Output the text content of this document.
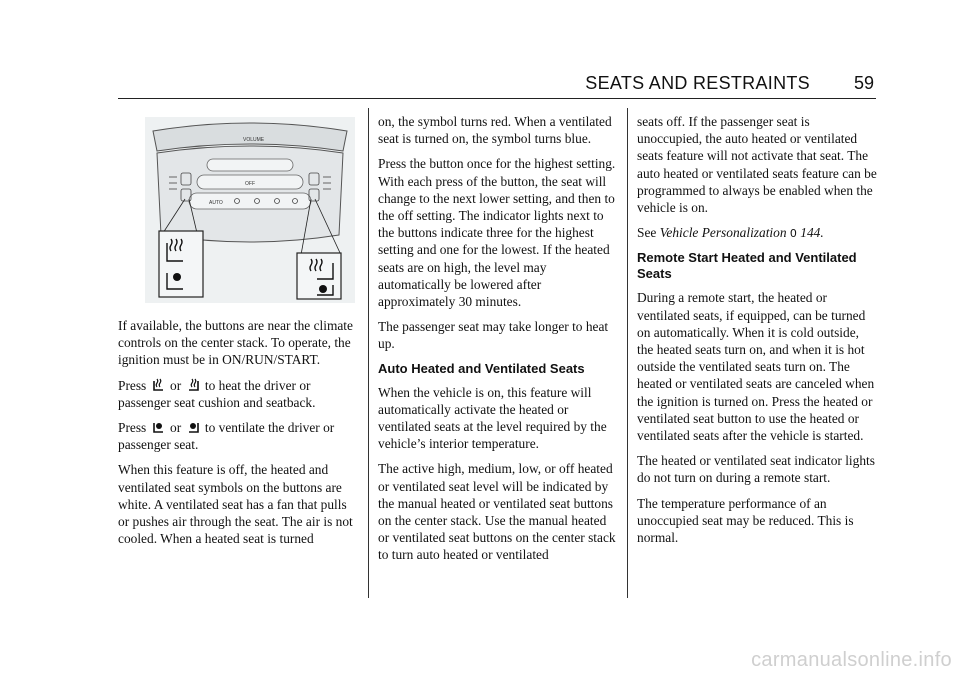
SEATS AND RESTRAINTS 59
VOLUME
OFF
AUTO

If available, the buttons are near the climate controls on the center stack. To operate, the ignition must be in ON/RUN/START.

Press or to heat the driver or passenger seat cushion and seatback.

Press or to ventilate the driver or passenger seat.

When this feature is off, the heated and ventilated seat symbols on the buttons are white. A ventilated seat has a fan that pulls or pushes air through the seat. The air is not cooled. When a heated seat is turned

on, the symbol turns red. When a ventilated seat is turned on, the symbol turns blue.

Press the button once for the highest setting. With each press of the button, the seat will change to the next lower setting, and then to the off setting. The indicator lights next to the buttons indicate three for the highest setting and one for the lowest. If the heated seats are on high, the level may automatically be lowered after approximately 30 minutes.

The passenger seat may take longer to heat up.

Auto Heated and Ventilated Seats

When the vehicle is on, this feature will automatically activate the heated or ventilated seats at the level required by the vehicle’s interior temperature.

The active high, medium, low, or off heated or ventilated seat level will be indicated by the manual heated or ventilated seat buttons on the center stack. Use the manual heated or ventilated seat buttons on the center stack to turn auto heated or ventilated

seats off. If the passenger seat is unoccupied, the auto heated or ventilated seats feature will not activate that seat. The auto heated or ventilated seats feature can be programmed to always be enabled when the vehicle is on.

See Vehicle Personalization 0 144.

Remote Start Heated and Ventilated Seats

During a remote start, the heated or ventilated seats, if equipped, can be turned on automatically. When it is cold outside, the heated seats turn on, and when it is hot outside the ventilated seats turn on. The heated or ventilated seats are canceled when the ignition is turned on. Press the heated or ventilated seat button to use the heated or ventilated seats after the vehicle is started.

The heated or ventilated seat indicator lights do not turn on during a remote start.

The temperature performance of an unoccupied seat may be reduced. This is normal.

carmanualsonline.info
